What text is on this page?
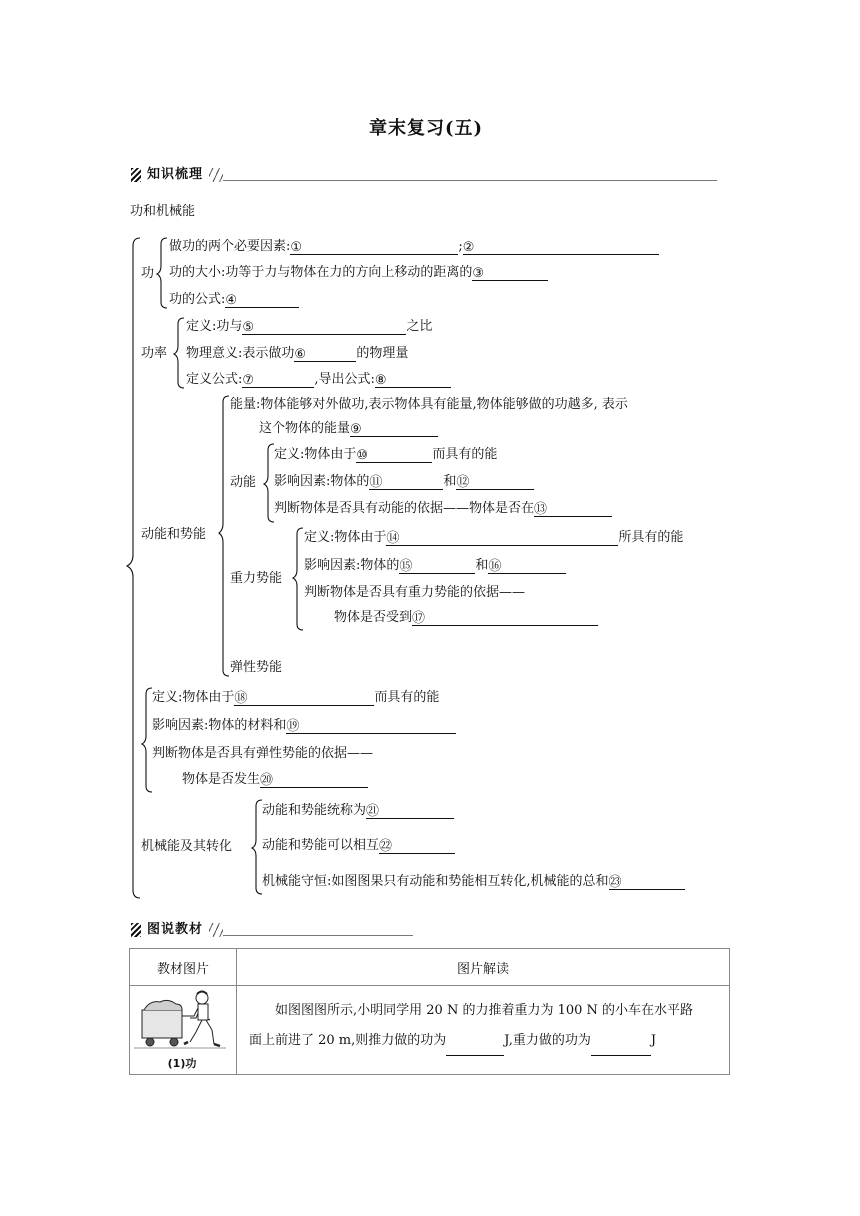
章末复习(五)
知识梳理
功和机械能
功
做功的两个必要因素:①	;②
功的大小:功等于力与物体在力的方向上移动的距离的③
功的公式:④
功率
定义:功与⑤	之比
物理意义:表示做功⑥	的物理量
定义公式:⑦	,导出公式:⑧
动能和势能
能量:物体能够对外做功,表示物体具有能量,物体能够做的功越多, 表示
这个物体的能量⑨
动能
定义:物体由于⑩	而具有的能
影响因素:物体的⑪	和⑫
判断物体是否具有动能的依据——物体是否在⑬
重力势能
定义:物体由于⑭	所具有的能
影响因素:物体的⑮	和⑯
判断物体是否具有重力势能的依据——
物体是否受到⑰
弹性势能
定义:物体由于⑱	而具有的能
影响因素:物体的材料和⑲
判断物体是否具有弹性势能的依据——
物体是否发生⑳
机械能及其转化
动能和势能统称为㉑
动能和势能可以相互㉒
机械能守恒:如图图果只有动能和势能相互转化,机械能的总和㉓
图说教材
教材图片	图片解读

(1)功	如图图图所示,小明同学用 20 N 的力推着重力为 100 N 的小车在水平路
面上前进了 20 m,则推力做的功为 J,重力做的功为 J
